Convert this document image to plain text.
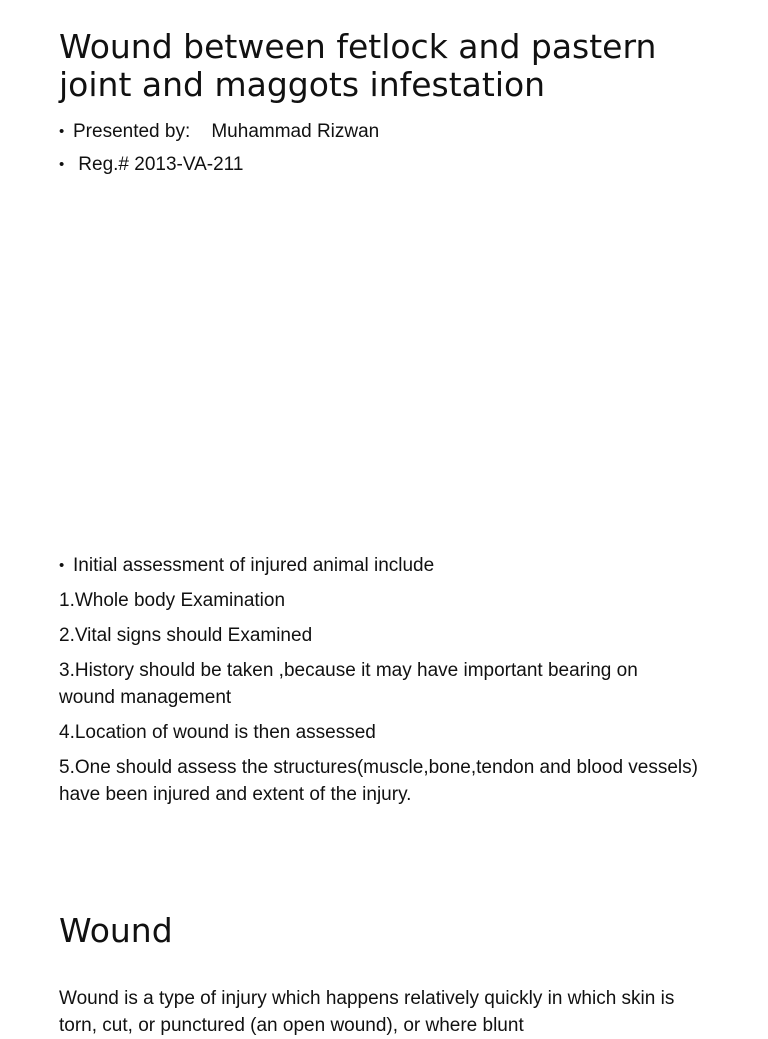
Wound between fetlock and pastern
joint and maggots infestation
• Presented by:    Muhammad Rizwan
•  Reg.# 2013-VA-211

• Initial assessment of injured animal include

1.Whole body Examination

2.Vital signs should Examined

3.History should be taken ,because it may have important bearing on wound management

4.Location of wound is then assessed

5.One should assess the structures(muscle,bone,tendon and blood vessels) have been injured and extent of the injury.

Wound

Wound is a type of injury which happens relatively quickly in which skin is torn, cut, or punctured (an open wound), or where blunt
